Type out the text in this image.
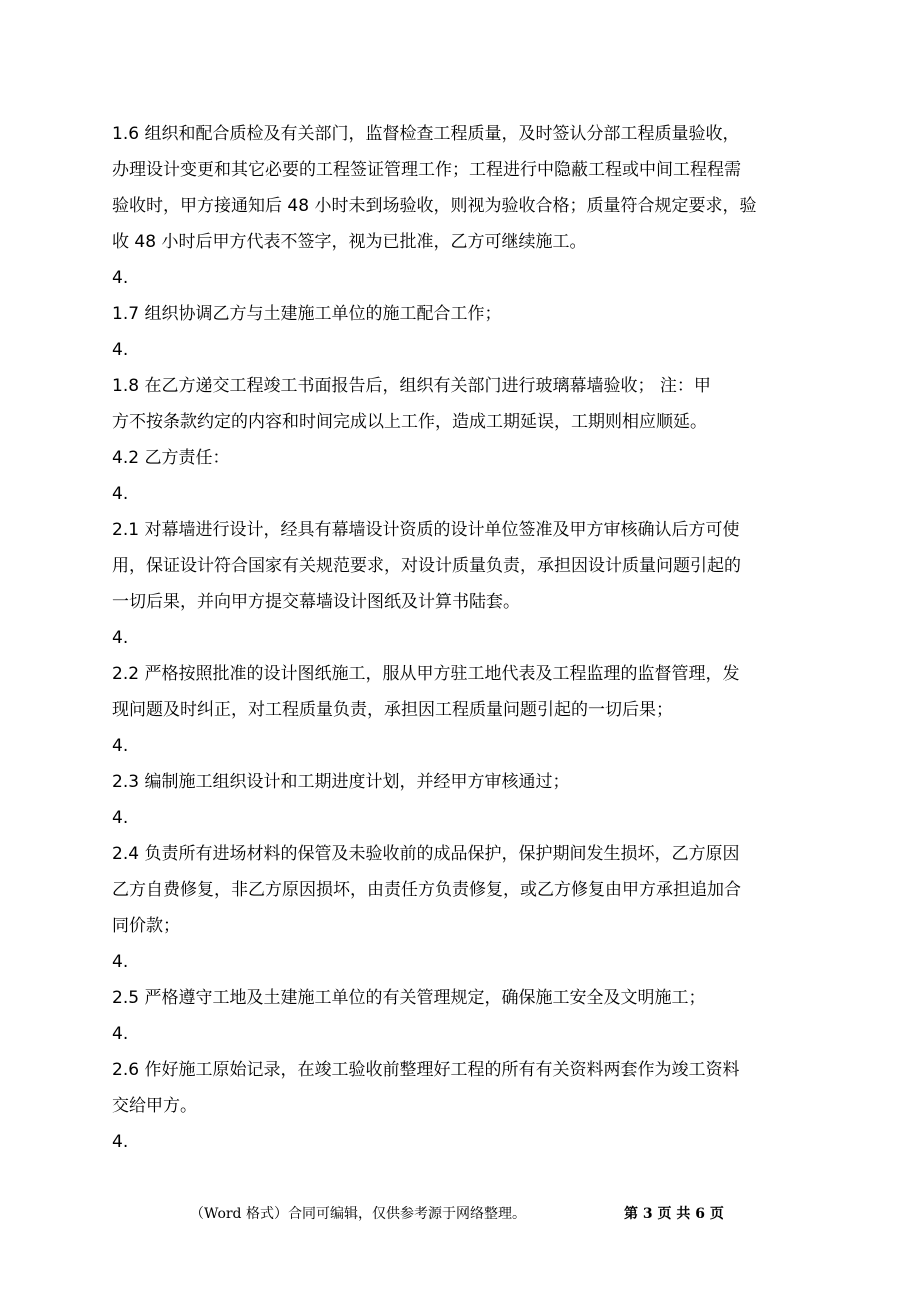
1.6 组织和配合质检及有关部门，监督检查工程质量，及时签认分部工程质量验收，
办理设计变更和其它必要的工程签证管理工作；工程进行中隐蔽工程或中间工程程需
验收时，甲方接通知后 48 小时未到场验收，则视为验收合格；质量符合规定要求，验
收 48 小时后甲方代表不签字，视为已批准，乙方可继续施工。
4.
1.7 组织协调乙方与土建施工单位的施工配合工作；
4.
1.8 在乙方递交工程竣工书面报告后，组织有关部门进行玻璃幕墙验收； 注：甲
方不按条款约定的内容和时间完成以上工作，造成工期延误，工期则相应顺延。
4.2 乙方责任：
4.
2.1 对幕墙进行设计，经具有幕墙设计资质的设计单位签准及甲方审核确认后方可使
用，保证设计符合国家有关规范要求，对设计质量负责，承担因设计质量问题引起的
一切后果，并向甲方提交幕墙设计图纸及计算书陆套。
4.
2.2 严格按照批准的设计图纸施工，服从甲方驻工地代表及工程监理的监督管理，发
现问题及时纠正，对工程质量负责，承担因工程质量问题引起的一切后果；
4.
2.3 编制施工组织设计和工期进度计划，并经甲方审核通过；
4.
2.4 负责所有进场材料的保管及未验收前的成品保护，保护期间发生损坏，乙方原因
乙方自费修复，非乙方原因损坏，由责任方负责修复，或乙方修复由甲方承担追加合
同价款；
4.
2.5 严格遵守工地及土建施工单位的有关管理规定，确保施工安全及文明施工；
4.
2.6 作好施工原始记录，在竣工验收前整理好工程的所有有关资料两套作为竣工资料
交给甲方。
4.
（Word 格式）合同可编辑，仅供参考源于网络整理。	第 3 页 共 6 页
